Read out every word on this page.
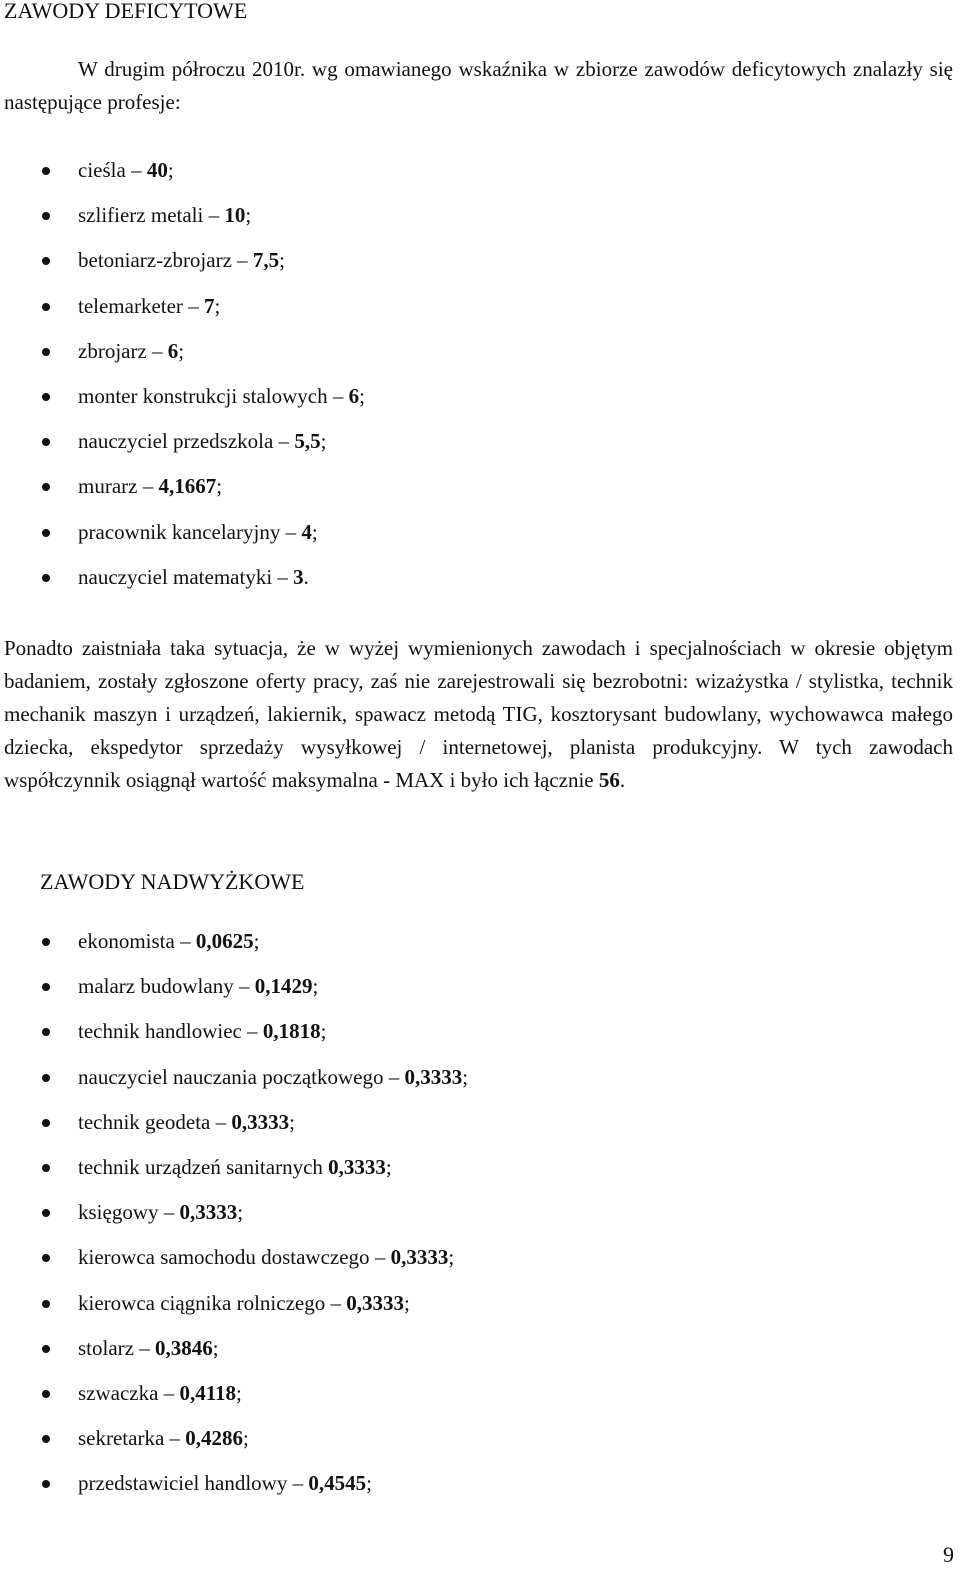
ZAWODY DEFICYTOWE

W drugim półroczu 2010r. wg omawianego wskaźnika w zbiorze zawodów deficytowych znalazły się następujące profesje:

cieśla – 40;
szlifierz metali – 10;
betoniarz-zbrojarz – 7,5;
telemarketer – 7;
zbrojarz – 6;
monter konstrukcji stalowych – 6;
nauczyciel przedszkola – 5,5;
murarz – 4,1667;
pracownik kancelaryjny – 4;
nauczyciel matematyki – 3.

Ponadto zaistniała taka sytuacja, że w wyżej wymienionych zawodach i specjalnościach w okresie objętym badaniem, zostały zgłoszone oferty pracy, zaś nie zarejestrowali się bezrobotni: wizażystka / stylistka, technik mechanik maszyn i urządzeń, lakiernik, spawacz metodą TIG, kosztorysant budowlany, wychowawca małego dziecka, ekspedytor sprzedaży wysyłkowej / internetowej, planista produkcyjny. W tych zawodach współczynnik osiągnął wartość maksymalna - MAX i było ich łącznie 56.

ZAWODY NADWYŻKOWE
ekonomista – 0,0625;
malarz budowlany – 0,1429;
technik handlowiec – 0,1818;
nauczyciel nauczania początkowego – 0,3333;
technik geodeta – 0,3333;
technik urządzeń sanitarnych 0,3333;
księgowy – 0,3333;
kierowca samochodu dostawczego – 0,3333;
kierowca ciągnika rolniczego – 0,3333;
stolarz – 0,3846;
szwaczka – 0,4118;
sekretarka – 0,4286;
przedstawiciel handlowy – 0,4545;
9
